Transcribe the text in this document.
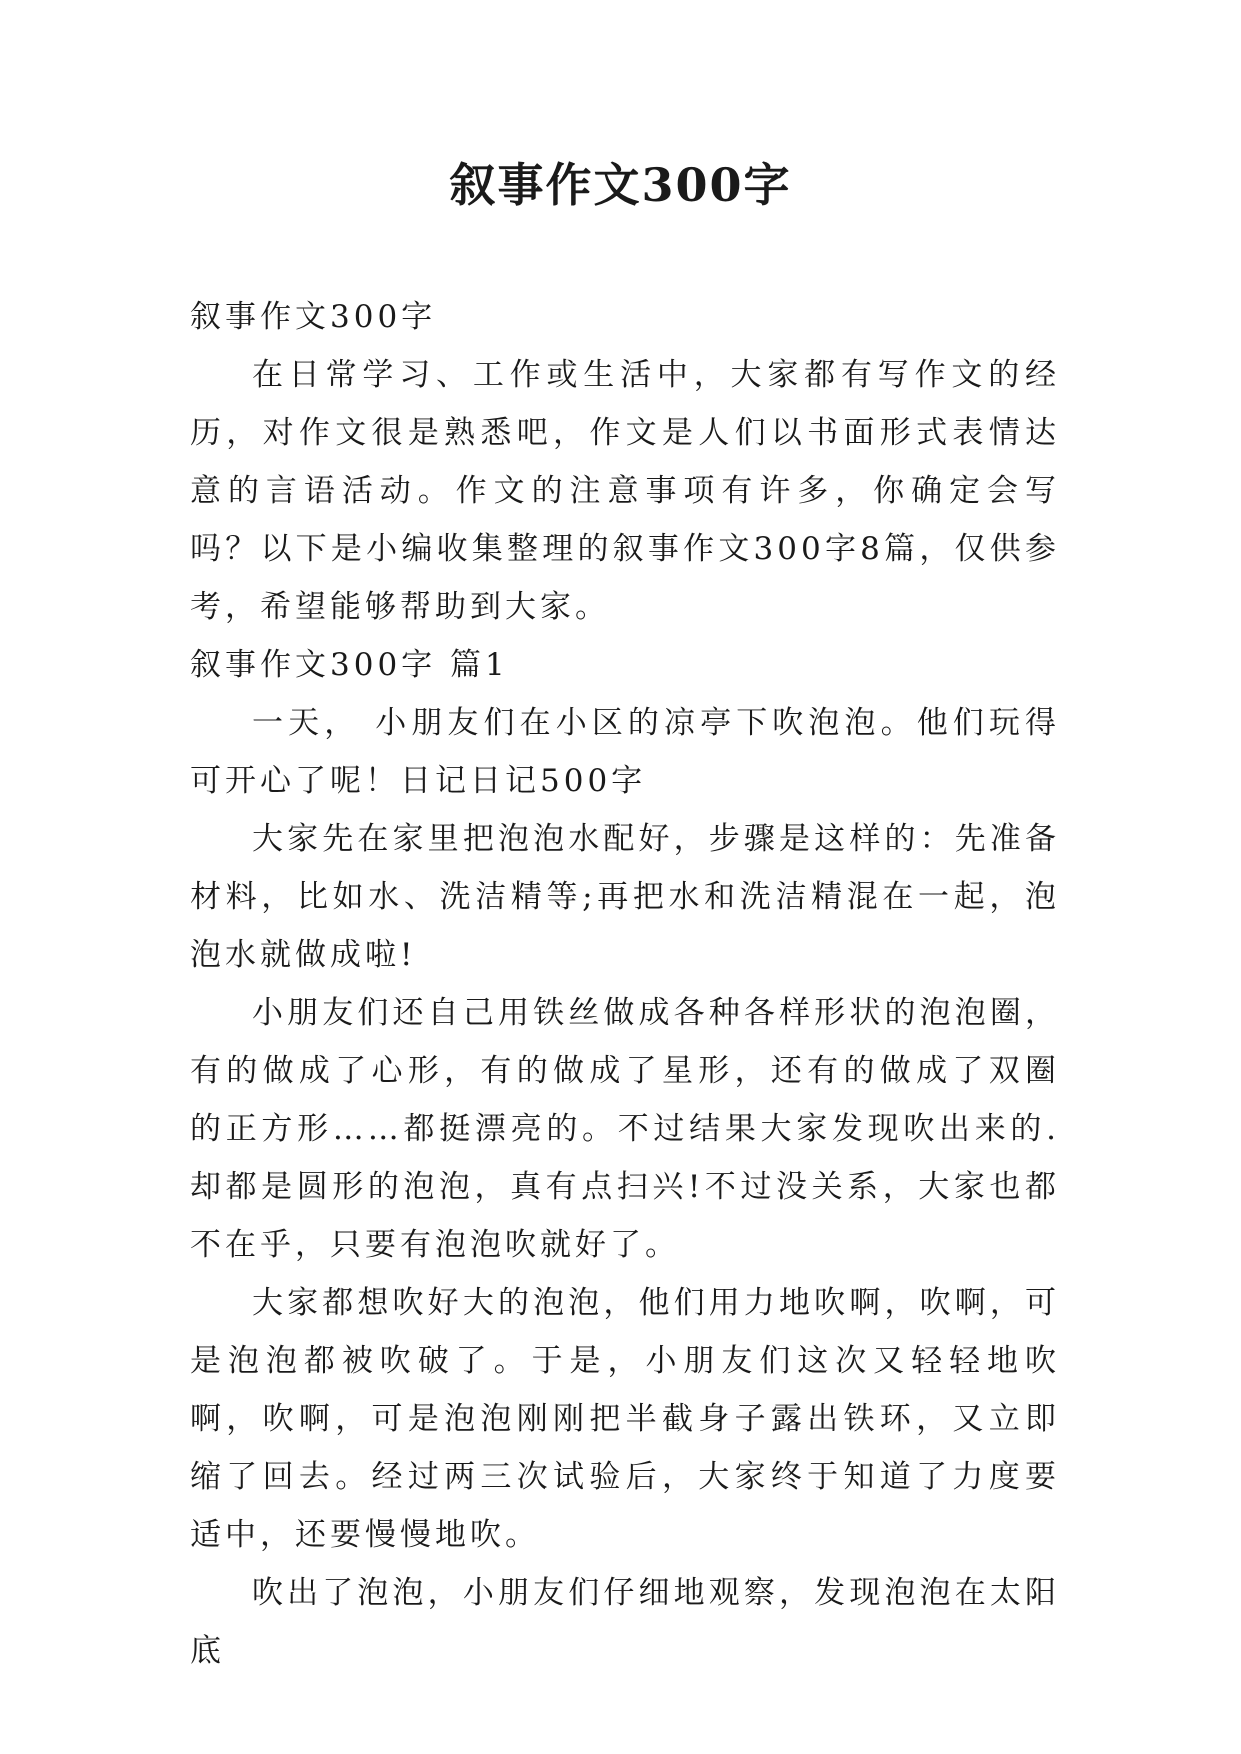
叙事作文300字

叙事作文300字

在日常学习、工作或生活中，大家都有写作文的经历，对作文很是熟悉吧，作文是人们以书面形式表情达意的言语活动。作文的注意事项有许多，你确定会写吗？以下是小编收集整理的叙事作文300字8篇，仅供参考，希望能够帮助到大家。

叙事作文300字 篇1

一天， 小朋友们在小区的凉亭下吹泡泡。他们玩得可开心了呢！日记日记500字

大家先在家里把泡泡水配好，步骤是这样的：先准备材料，比如水、洗洁精等;再把水和洗洁精混在一起，泡泡水就做成啦!

小朋友们还自己用铁丝做成各种各样形状的泡泡圈，有的做成了心形，有的做成了星形，还有的做成了双圈的正方形……都挺漂亮的。不过结果大家发现吹出来的.却都是圆形的泡泡，真有点扫兴!不过没关系，大家也都不在乎，只要有泡泡吹就好了。

大家都想吹好大的泡泡，他们用力地吹啊，吹啊，可是泡泡都被吹破了。于是，小朋友们这次又轻轻地吹啊，吹啊，可是泡泡刚刚把半截身子露出铁环，又立即缩了回去。经过两三次试验后，大家终于知道了力度要适中，还要慢慢地吹。

吹出了泡泡，小朋友们仔细地观察，发现泡泡在太阳底
